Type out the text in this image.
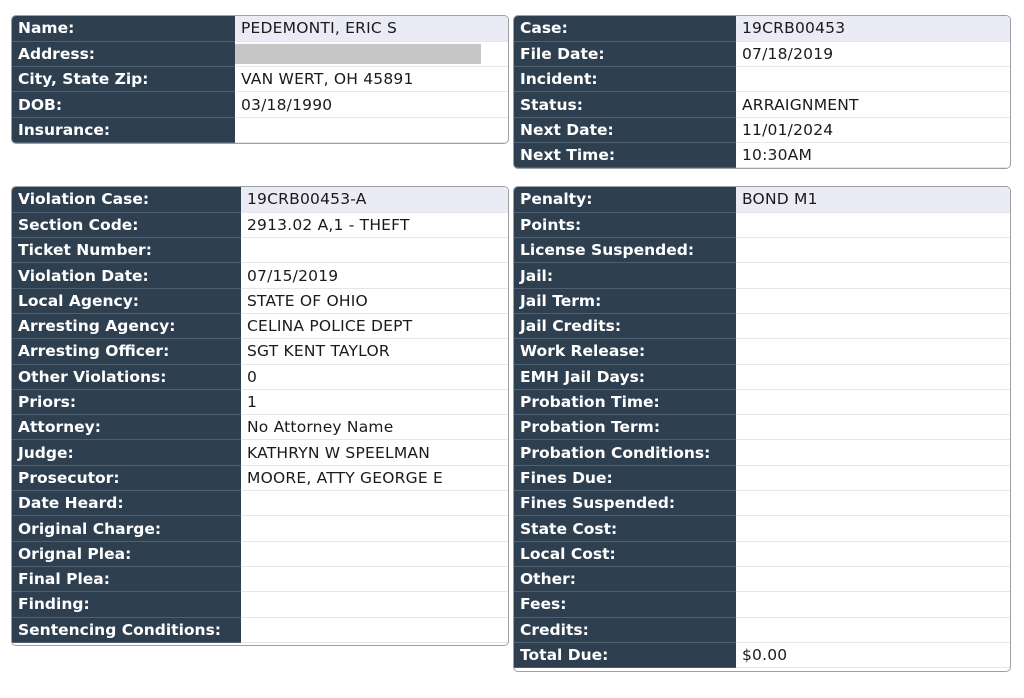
Name:	PEDEMONTI, ERIC S
Address:	
City, State Zip:	VAN WERT, OH 45891
DOB:	03/18/1990
Insurance:	
Case:	19CRB00453
File Date:	07/18/2019
Incident:	
Status:	ARRAIGNMENT
Next Date:	11/01/2024
Next Time:	10:30AM
Violation Case:	19CRB00453-A
Section Code:	2913.02 A,1 - THEFT
Ticket Number:	
Violation Date:	07/15/2019
Local Agency:	STATE OF OHIO
Arresting Agency:	CELINA POLICE DEPT
Arresting Officer:	SGT KENT TAYLOR
Other Violations:	0
Priors:	1
Attorney:	No Attorney Name
Judge:	KATHRYN W SPEELMAN
Prosecutor:	MOORE, ATTY GEORGE E
Date Heard:	
Original Charge:	
Orignal Plea:	
Final Plea:	
Finding:	
Sentencing Conditions:	
Penalty:	BOND M1
Points:	
License Suspended:	
Jail:	
Jail Term:	
Jail Credits:	
Work Release:	
EMH Jail Days:	
Probation Time:	
Probation Term:	
Probation Conditions:	
Fines Due:	
Fines Suspended:	
State Cost:	
Local Cost:	
Other:	
Fees:	
Credits:	
Total Due:	$0.00
